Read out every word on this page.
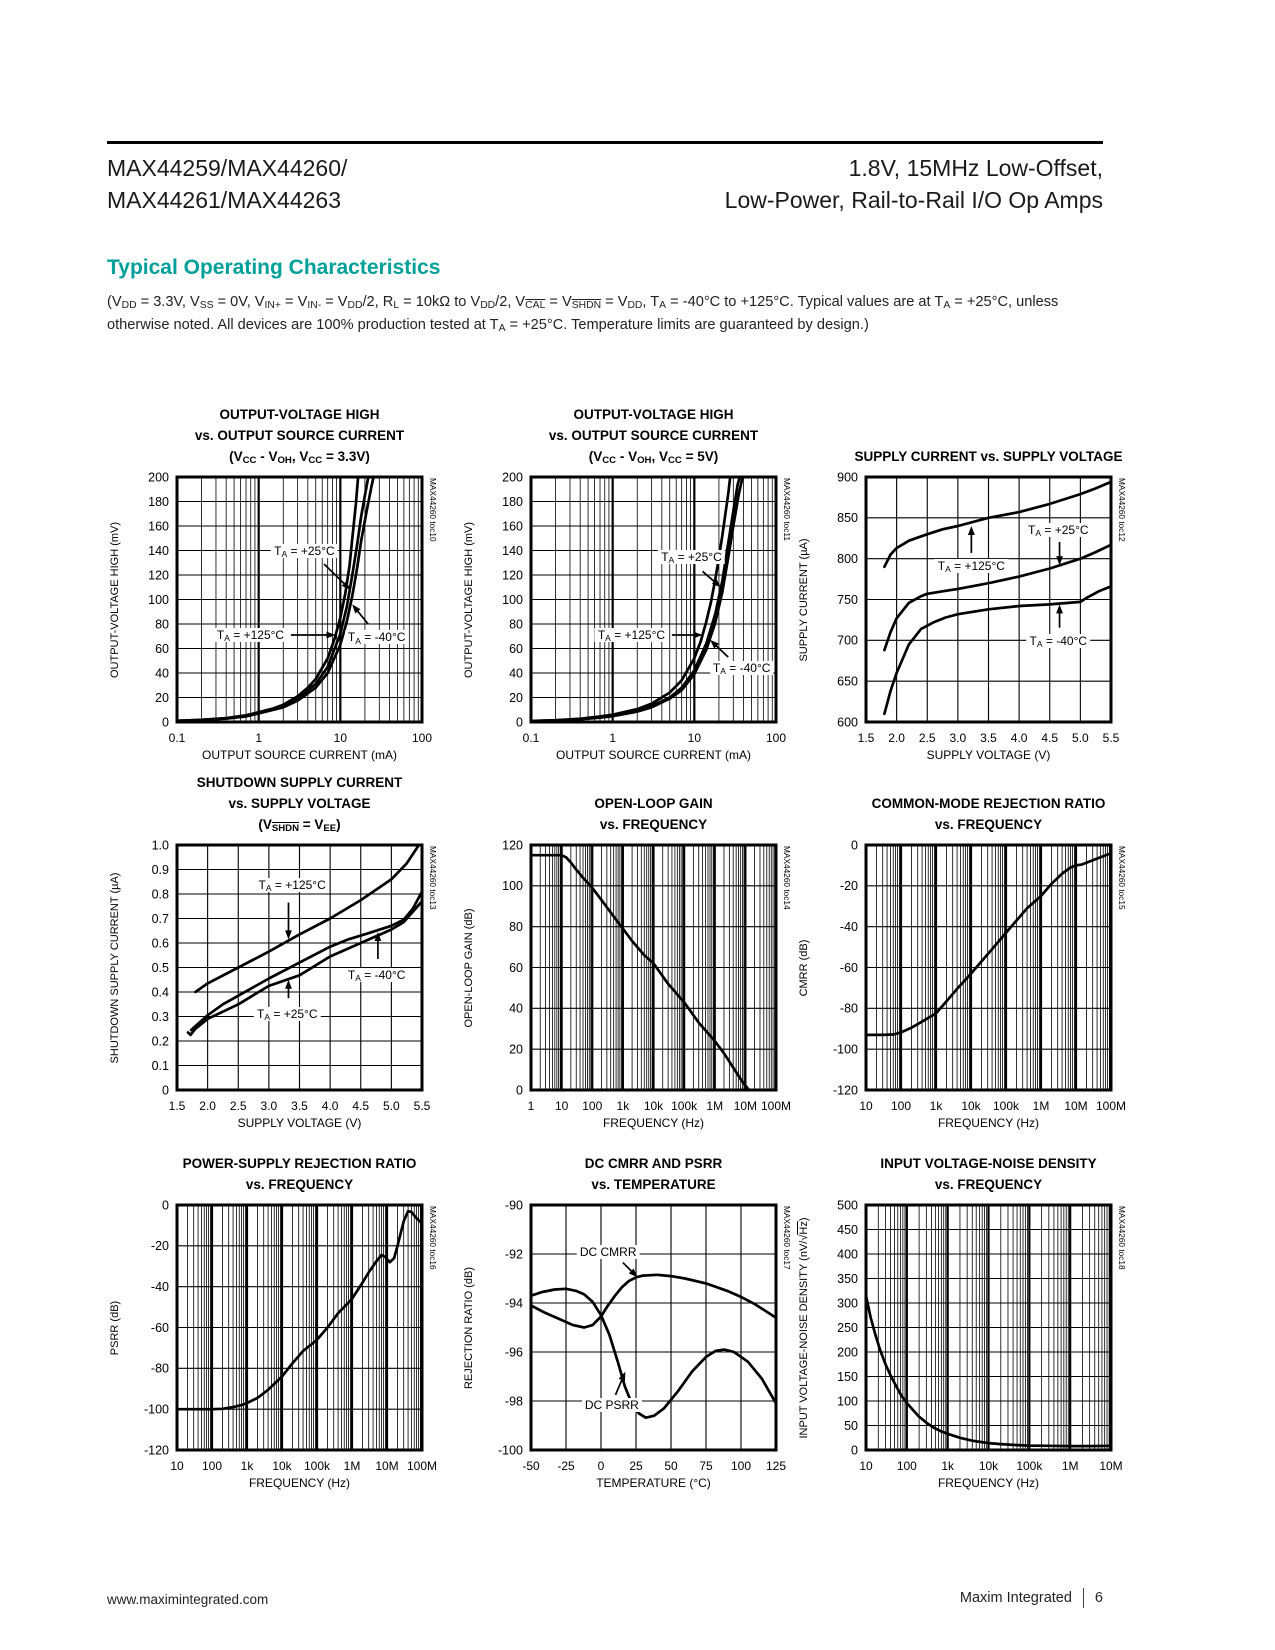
MAX44259/MAX44260/
MAX44261/MAX44263
1.8V, 15MHz Low-Offset,
Low-Power, Rail-to-Rail I/O Op Amps
Typical Operating Characteristics

(VDD = 3.3V, VSS = 0V, VIN+ = VIN- = VDD/2, RL = 10kΩ to VDD/2, $V\overline{CAL}$ = VSHDN = VDD, TA = -40°C to +125°C. Typical values are at TA = +25°C, unless otherwise noted. All devices are 100% production tested at TA = +25°C. Temperature limits are guaranteed by design.)

OUTPUT-VOLTAGE HIGH
vs. OUTPUT SOURCE CURRENT
(VCC - VOH, VCC = 3.3V)
0.1	1	10	100
0
20
40
60
80
100
120
140
160
180
200
MAX44260 toc10
OUTPUT-VOLTAGE HIGH (mV)
OUTPUT SOURCE CURRENT (mA)
TA = +25°C
TA = +125°C	TA = -40°C
OUTPUT-VOLTAGE HIGH
vs. OUTPUT SOURCE CURRENT
(VCC - VOH, VCC = 5V)
0.1	1	10	100
0
20
40
60
80
100
120
140
160
180
200
MAX44260 toc11
OUTPUT-VOLTAGE HIGH (mV)
OUTPUT SOURCE CURRENT (mA)
TA = +25°C
TA = +125°C
TA = -40°C
SUPPLY CURRENT vs. SUPPLY VOLTAGE
1.5 2.0 2.5 3.0 3.5 4.0 4.5 5.0 5.5
600
650
700
750
800
850
900
MAX44260 toc12
SUPPLY CURRENT (µA)
SUPPLY VOLTAGE (V)
TA = +125°C
TA = +25°C
TA = -40°C
SHUTDOWN SUPPLY CURRENT
vs. SUPPLY VOLTAGE
(VSHDN = VEE)
1.5 2.0 2.5 3.0 3.5 4.0 4.5 5.0 5.5
0
0.1
0.2
0.3
0.4
0.5
0.6
0.7
0.8
0.9
1.0
MAX44260 toc13
SHUTDOWN SUPPLY CURRENT (µA)
SUPPLY VOLTAGE (V)
TA = +125°C
TA = +25°C
TA = -40°C
OPEN-LOOP GAIN
vs. FREQUENCY
1 10 100 1k 10k 100k 1M 10M 100M
0
20
40
60
80
100
120
MAX44260 toc14
OPEN-LOOP GAIN (dB)
FREQUENCY (Hz)
COMMON-MODE REJECTION RATIO
vs. FREQUENCY
10 100 1k 10k 100k 1M 10M 100M
-120
-100
-80
-60
-40
-20
0
MAX44260 toc15
CMRR (dB)
FREQUENCY (Hz)
POWER-SUPPLY REJECTION RATIO
vs. FREQUENCY
10 100 1k 10k 100k 1M 10M 100M
-120
-100
-80
-60
-40
-20
0
MAX44260 toc16
PSRR (dB)
FREQUENCY (Hz)
DC CMRR AND PSRR
vs. TEMPERATURE
-50 -25 0 25 50 75 100 125
-100
-98
-96
-94
-92
-90
MAX44260 toc17
REJECTION RATIO (dB)
TEMPERATURE (°C)
DC CMRR
DC PSRR
INPUT VOLTAGE-NOISE DENSITY
vs. FREQUENCY
10 100 1k 10k 100k 1M 10M
0
50
100
150
200
250
300
350
400
450
500
MAX44260 toc18
INPUT VOLTAGE-NOISE DENSITY (nV/√Hz)
FREQUENCY (Hz)
www.maximintegrated.com	Maxim Integrated 6
